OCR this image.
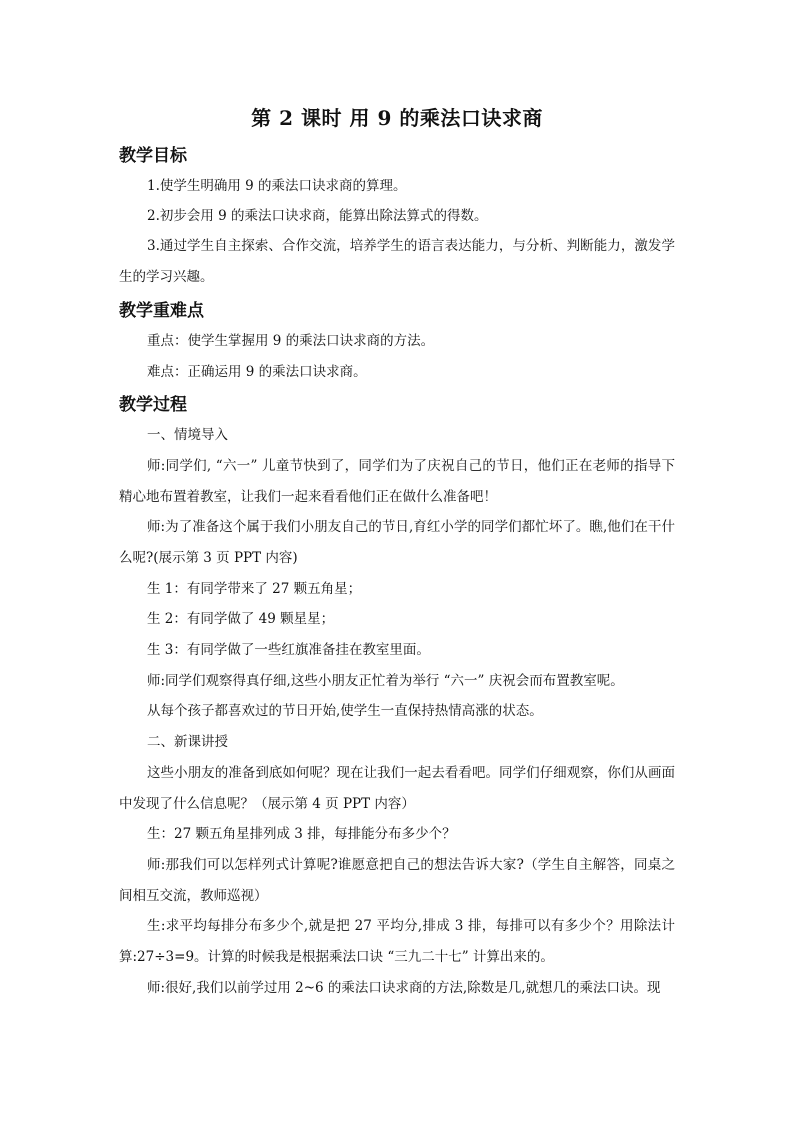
第 2 课时 用 9 的乘法口诀求商
教学目标

1.使学生明确用 9 的乘法口诀求商的算理。

2.初步会用 9 的乘法口诀求商，能算出除法算式的得数。

3.通过学生自主探索、合作交流，培养学生的语言表达能力，与分析、判断能力，激发学生的学习兴趣。

教学重难点

重点：使学生掌握用 9 的乘法口诀求商的方法。

难点：正确运用 9 的乘法口诀求商。

教学过程

一、情境导入

师:同学们, “六一” 儿童节快到了，同学们为了庆祝自己的节日，他们正在老师的指导下精心地布置着教室，让我们一起来看看他们正在做什么准备吧！

师:为了准备这个属于我们小朋友自己的节日,育红小学的同学们都忙坏了。瞧,他们在干什么呢?(展示第 3 页 PPT 内容)

生 1：有同学带来了 27 颗五角星；

生 2：有同学做了 49 颗星星；

生 3：有同学做了一些红旗准备挂在教室里面。

师:同学们观察得真仔细,这些小朋友正忙着为举行 “六一” 庆祝会而布置教室呢。

从每个孩子都喜欢过的节日开始,使学生一直保持热情高涨的状态。

二、新课讲授

这些小朋友的准备到底如何呢？现在让我们一起去看看吧。同学们仔细观察，你们从画面中发现了什么信息呢？（展示第 4 页 PPT 内容）

生：27 颗五角星排列成 3 排，每排能分布多少个？

师:那我们可以怎样列式计算呢?谁愿意把自己的想法告诉大家?（学生自主解答，同桌之间相互交流，教师巡视）

生:求平均每排分布多少个,就是把 27 平均分,排成 3 排，每排可以有多少个？用除法计算:27÷3=9。计算的时候我是根据乘法口诀 “三九二十七” 计算出来的。

师:很好,我们以前学过用 2~6 的乘法口诀求商的方法,除数是几,就想几的乘法口诀。现
